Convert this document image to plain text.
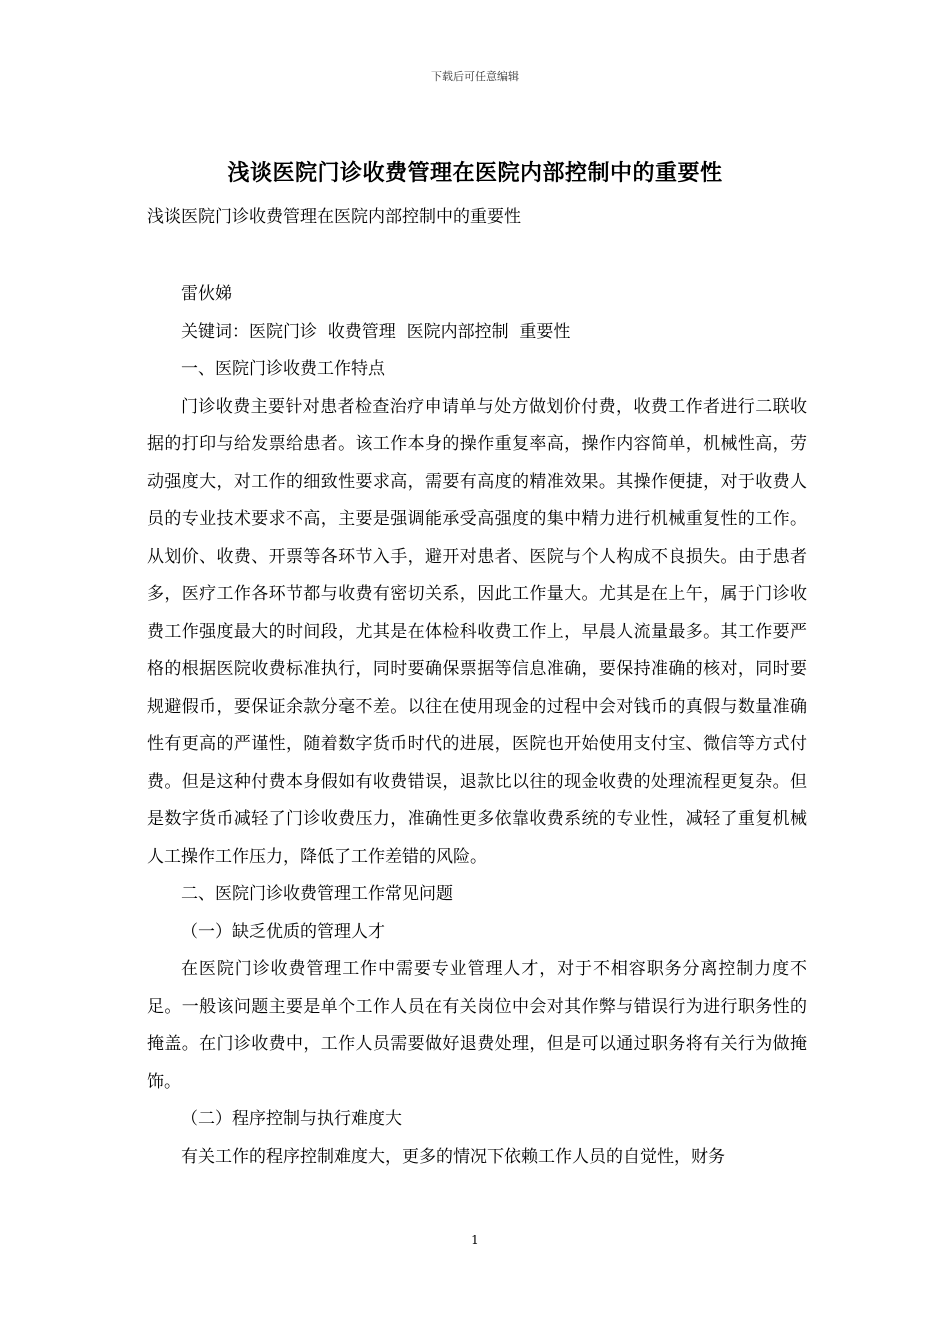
下载后可任意编辑
浅谈医院门诊收费管理在医院内部控制中的重要性
浅谈医院门诊收费管理在医院内部控制中的重要性

雷伙娣

关键词：医院门诊  收费管理  医院内部控制  重要性

一、医院门诊收费工作特点

门诊收费主要针对患者检查治疗申请单与处方做划价付费，收费工作者进行二联收据的打印与给发票给患者。该工作本身的操作重复率高，操作内容简单，机械性高，劳动强度大，对工作的细致性要求高，需要有高度的精准效果。其操作便捷，对于收费人员的专业技术要求不高，主要是强调能承受高强度的集中精力进行机械重复性的工作。从划价、收费、开票等各环节入手，避开对患者、医院与个人构成不良损失。由于患者多，医疗工作各环节都与收费有密切关系，因此工作量大。尤其是在上午，属于门诊收费工作强度最大的时间段，尤其是在体检科收费工作上，早晨人流量最多。其工作要严格的根据医院收费标准执行，同时要确保票据等信息准确，要保持准确的核对，同时要规避假币，要保证余款分毫不差。以往在使用现金的过程中会对钱币的真假与数量准确性有更高的严谨性，随着数字货币时代的进展，医院也开始使用支付宝、微信等方式付费。但是这种付费本身假如有收费错误，退款比以往的现金收费的处理流程更复杂。但是数字货币减轻了门诊收费压力，准确性更多依靠收费系统的专业性，减轻了重复机械人工操作工作压力，降低了工作差错的风险。

二、医院门诊收费管理工作常见问题

（一）缺乏优质的管理人才

在医院门诊收费管理工作中需要专业管理人才，对于不相容职务分离控制力度不足。一般该问题主要是单个工作人员在有关岗位中会对其作弊与错误行为进行职务性的掩盖。在门诊收费中，工作人员需要做好退费处理，但是可以通过职务将有关行为做掩饰。

（二）程序控制与执行难度大

有关工作的程序控制难度大，更多的情况下依赖工作人员的自觉性，财务

1
